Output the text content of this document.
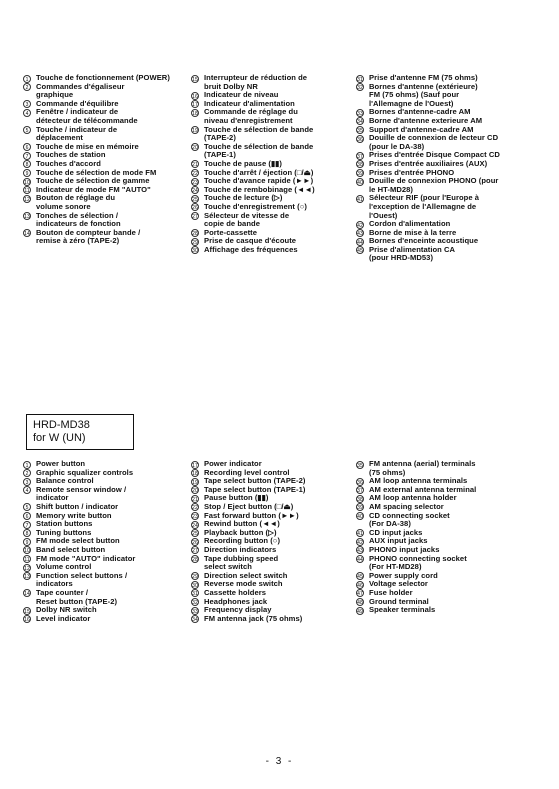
1 Touche de fonctionnement (POWER)
2 Commandes d'égaliseur
graphique
3 Commande d'équilibre
4 Fenêtre / indicateur de
détecteur de télécommande
5 Touche / indicateur de
déplacement
6 Touche de mise en mémoire
7 Touches de station
8 Touches d'accord
9 Touche de sélection de mode FM
10 Touche de sélection de gamme
11 Indicateur de mode FM "AUTO"
12 Bouton de réglage du
volume sonore
13 Tonches de sélection /
indicateurs de fonction
14 Bouton de compteur bande /
remise à zéro (TAPE-2)
15 Interrupteur de réduction de
bruit Dolby NR
16 Indicateur de niveau
17 Indicateur d'alimentation
18 Commande de réglage du
niveau d'enregistrement
19 Touche de sélection de bande
(TAPE-2)
20 Touche de sélection de bande
(TAPE-1)
21 Touche de pause (▮▮)
22 Touche d'arrêt / éjection (□/⏏)
23 Touche d'avance rapide (►►)
24 Touche de rembobinage (◄◄)
25 Touche de lecture (▷)
26 Touche d'enregistrement (○)
27 Sélecteur de vitesse de
copie de bande
28 Porte-cassette
29 Prise de casque d'écoute
30 Affichage des fréquences
31 Prise d'antenne FM (75 ohms)
32 Bornes d'antenne (extérieure)
FM (75 ohms) (Sauf pour
l'Allemagne de l'Ouest)
33 Bornes d'antenne-cadre AM
34 Borne d'antenne exterieure AM
35 Support d'antenne-cadre AM
36 Douille de connexion de lecteur CD
(pour le DA-38)
37 Prises d'entrée Disque Compact CD
38 Prises d'entrée auxiliaires (AUX)
39 Prises d'entrée PHONO
40 Douille de connexion PHONO (pour
le HT-MD28)
41 Sélecteur RIF (pour l'Europe à
l'exception de l'Allemagne de
l'Ouest)
42 Cordon d'alimentation
43 Borne de mise à la terre
44 Bornes d'enceinte acoustique
45 Prise d'alimentation CA
(pour HRD-MD53)
HRD-MD38
for W (UN)
1 Power button
2 Graphic squalizer controls
3 Balance control
4 Remote sensor window /
indicator
5 Shift button / indicator
6 Memory write button
7 Station buttons
8 Tuning buttons
9 FM mode select button
10 Band select button
11 FM mode "AUTO" indicator
12 Volume control
13 Function select buttons /
indicators
14 Tape counter /
Reset button (TAPE-2)
15 Dolby NR switch
16 Level indicator
17 Power indicator
18 Recording level control
19 Tape select button (TAPE-2)
20 Tape select button (TAPE-1)
21 Pause button (▮▮)
22 Stop / Eject button (□/⏏)
23 Fast forward button (►►)
24 Rewind button (◄◄)
25 Playback button (▷)
26 Recording button (○)
27 Direction indicators
28 Tape dubbing speed
select switch
29 Direction select switch
30 Reverse mode switch
31 Cassette holders
32 Headphones jack
33 Frequency display
34 FM antenna jack (75 ohms)
35 FM antenna (aerial) terminals
(75 ohms)
36 AM loop antenna terminals
37 AM external antenna terminal
38 AM loop antenna holder
39 AM spacing selector
40 CD connecting socket
(For DA-38)
41 CD input jacks
42 AUX input jacks
43 PHONO input jacks
44 PHONO connecting socket
(For HT-MD28)
45 Power supply cord
46 Voltage selector
47 Fuse holder
48 Ground terminal
49 Speaker terminals
- 3 -
